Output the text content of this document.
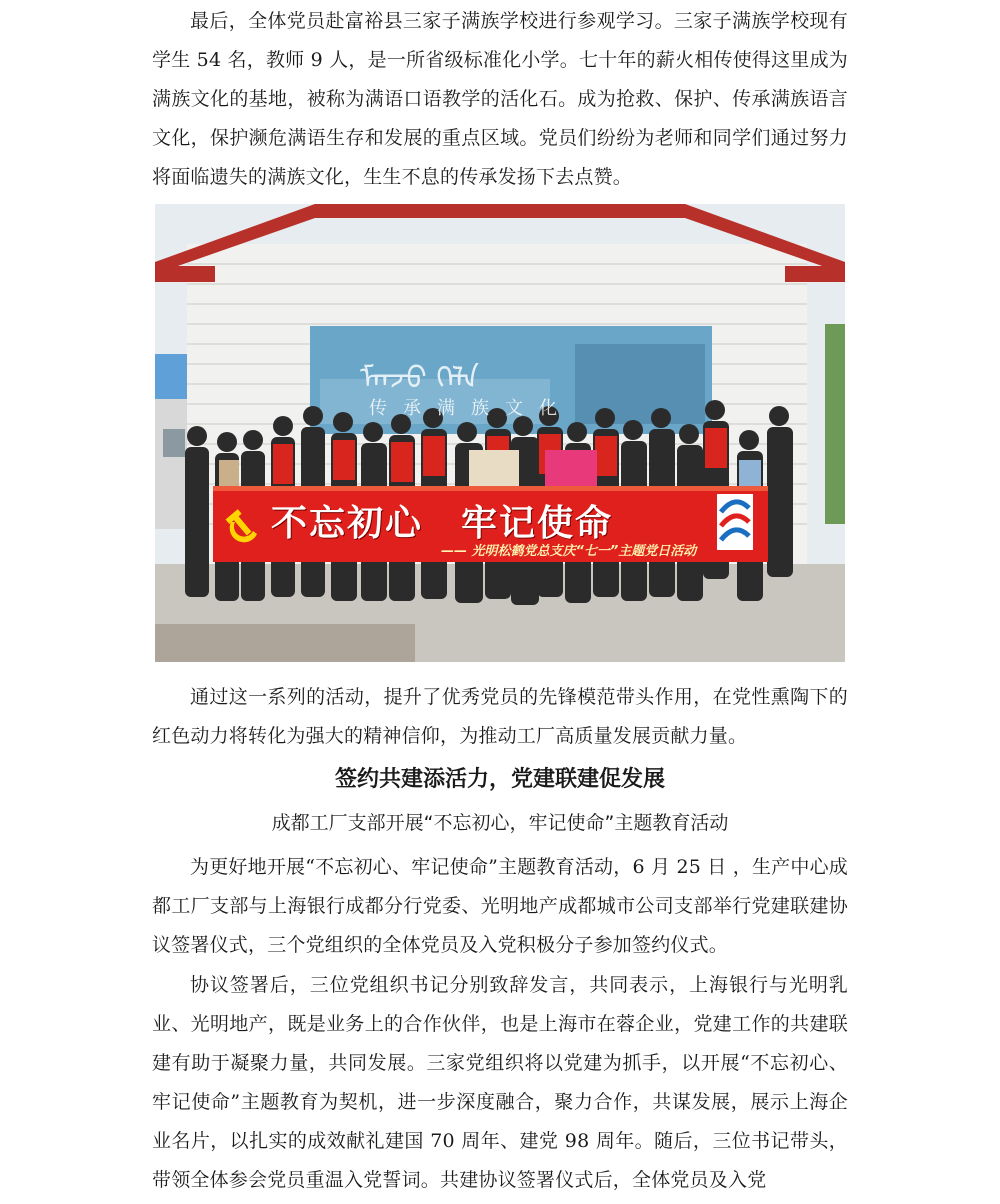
最后，全体党员赴富裕县三家子满族学校进行参观学习。三家子满族学校现有学生 54 名，教师 9 人，是一所省级标准化小学。七十年的薪火相传使得这里成为满族文化的基地，被称为满语口语教学的活化石。成为抢救、保护、传承满族语言文化，保护濒危满语生存和发展的重点区域。党员们纷纷为老师和同学们通过努力将面临遗失的满族文化，生生不息的传承发扬下去点赞。

ᠮᠠᠨᠵᠤ ᠬᠡᠯᠡ
传承满族文化
不忘初心　牢记使命
—— 光明松鹤党总支庆“七一”主题党日活动

通过这一系列的活动，提升了优秀党员的先锋模范带头作用，在党性熏陶下的红色动力将转化为强大的精神信仰，为推动工厂高质量发展贡献力量。

签约共建添活力，党建联建促发展
成都工厂支部开展“不忘初心，牢记使命”主题教育活动

为更好地开展“不忘初心、牢记使命”主题教育活动，6 月 25 日 ，生产中心成都工厂支部与上海银行成都分行党委、光明地产成都城市公司支部举行党建联建协议签署仪式，三个党组织的全体党员及入党积极分子参加签约仪式。

协议签署后，三位党组织书记分别致辞发言，共同表示，上海银行与光明乳业、光明地产，既是业务上的合作伙伴，也是上海市在蓉企业，党建工作的共建联建有助于凝聚力量，共同发展。三家党组织将以党建为抓手，以开展“不忘初心、牢记使命”主题教育为契机，进一步深度融合，聚力合作，共谋发展，展示上海企业名片，以扎实的成效献礼建国 70 周年、建党 98 周年。随后，三位书记带头，带领全体参会党员重温入党誓词。共建协议签署仪式后，全体党员及入党
